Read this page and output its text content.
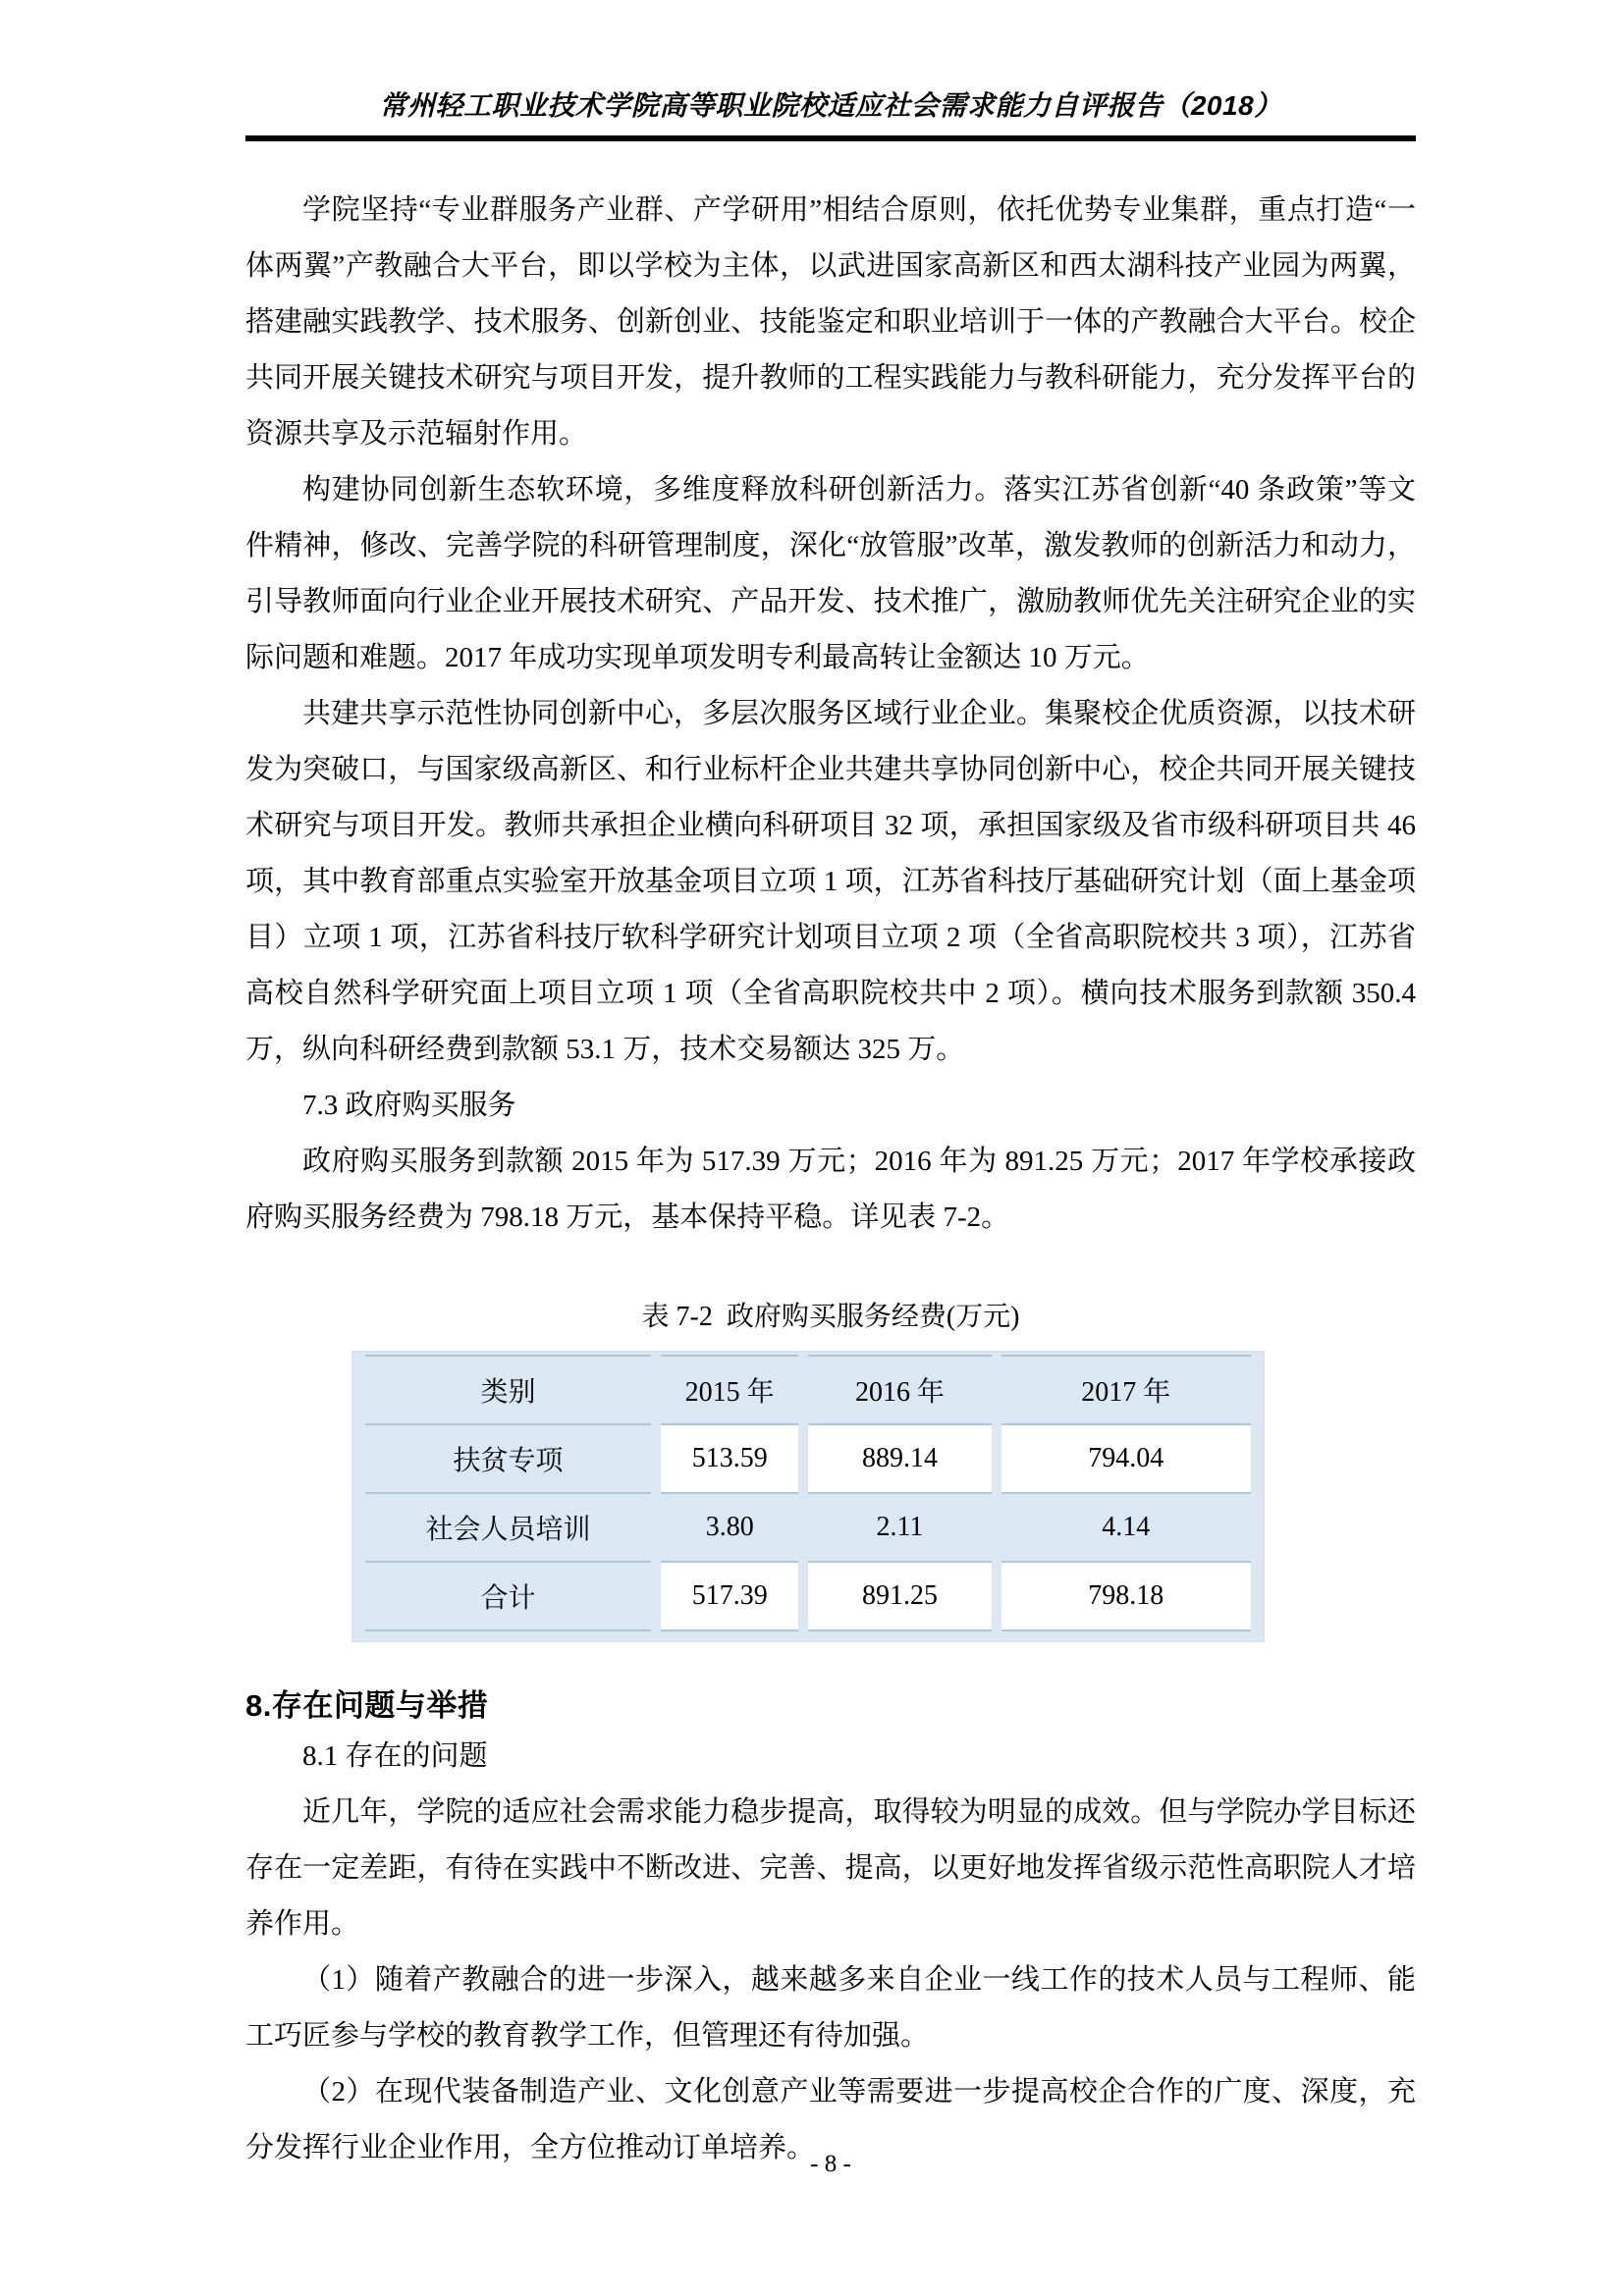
常州轻工职业技术学院高等职业院校适应社会需求能力自评报告（2018）

学院坚持“专业群服务产业群、产学研用”相结合原则，依托优势专业集群，重点打造“一体两翼”产教融合大平台，即以学校为主体，以武进国家高新区和西太湖科技产业园为两翼，搭建融实践教学、技术服务、创新创业、技能鉴定和职业培训于一体的产教融合大平台。校企共同开展关键技术研究与项目开发，提升教师的工程实践能力与教科研能力，充分发挥平台的资源共享及示范辐射作用。

构建协同创新生态软环境，多维度释放科研创新活力。落实江苏省创新“40 条政策”等文件精神，修改、完善学院的科研管理制度，深化“放管服”改革，激发教师的创新活力和动力，引导教师面向行业企业开展技术研究、产品开发、技术推广，激励教师优先关注研究企业的实际问题和难题。2017 年成功实现单项发明专利最高转让金额达 10 万元。

共建共享示范性协同创新中心，多层次服务区域行业企业。集聚校企优质资源，以技术研发为突破口，与国家级高新区、和行业标杆企业共建共享协同创新中心，校企共同开展关键技术研究与项目开发。教师共承担企业横向科研项目 32 项，承担国家级及省市级科研项目共 46 项，其中教育部重点实验室开放基金项目立项 1 项，江苏省科技厅基础研究计划（面上基金项目）立项 1 项，江苏省科技厅软科学研究计划项目立项 2 项（全省高职院校共 3 项），江苏省高校自然科学研究面上项目立项 1 项（全省高职院校共中 2 项）。横向技术服务到款额 350.4 万，纵向科研经费到款额 53.1 万，技术交易额达 325 万。

7.3 政府购买服务

政府购买服务到款额 2015 年为 517.39 万元；2016 年为 891.25 万元；2017 年学校承接政府购买服务经费为 798.18 万元，基本保持平稳。详见表 7-2。

表 7-2  政府购买服务经费(万元)
类别	2015 年	2016 年	2017 年
扶贫专项	513.59	889.14	794.04
社会人员培训	3.80	2.11	4.14
合计	517.39	891.25	798.18
8.存在问题与举措

8.1 存在的问题

近几年，学院的适应社会需求能力稳步提高，取得较为明显的成效。但与学院办学目标还存在一定差距，有待在实践中不断改进、完善、提高，以更好地发挥省级示范性高职院人才培养作用。

（1）随着产教融合的进一步深入，越来越多来自企业一线工作的技术人员与工程师、能工巧匠参与学校的教育教学工作，但管理还有待加强。

（2）在现代装备制造产业、文化创意产业等需要进一步提高校企合作的广度、深度，充分发挥行业企业作用，全方位推动订单培养。

- 8 -
